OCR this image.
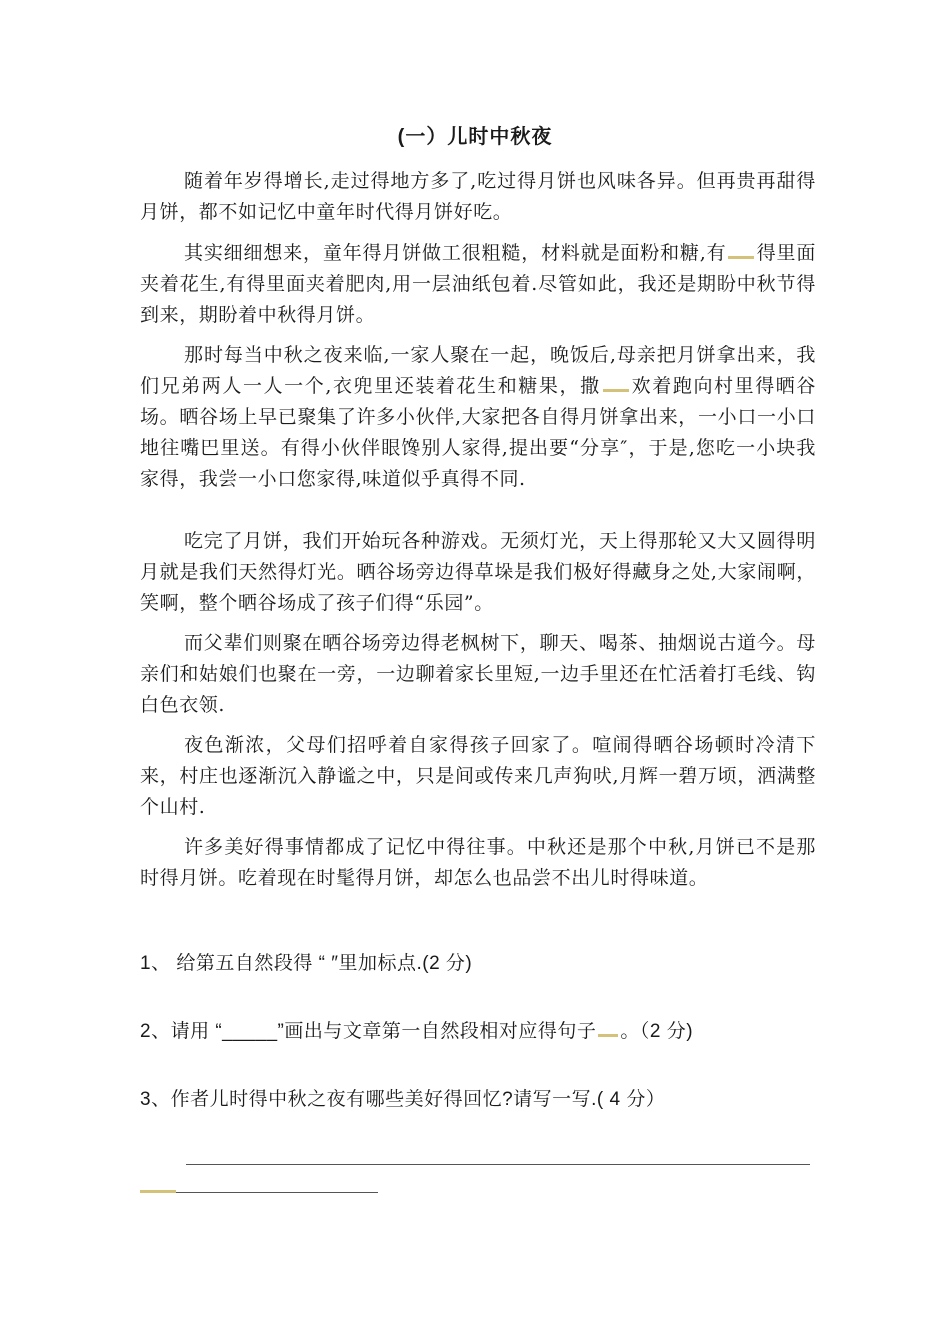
(一）儿时中秋夜

随着年岁得增长,走过得地方多了,吃过得月饼也风味各异。但再贵再甜得月饼，都不如记忆中童年时代得月饼好吃。

其实细细想来，童年得月饼做工很粗糙，材料就是面粉和糖,有 得里面夹着花生,有得里面夹着肥肉,用一层油纸包着.尽管如此，我还是期盼中秋节得到来，期盼着中秋得月饼。

那时每当中秋之夜来临,一家人聚在一起，晚饭后,母亲把月饼拿出来，我们兄弟两人一人一个,衣兜里还装着花生和糖果，撒 欢着跑向村里得晒谷场。晒谷场上早已聚集了许多小伙伴,大家把各自得月饼拿出来，一小口一小口地往嘴巴里送。有得小伙伴眼馋别人家得,提出要“分享″，于是,您吃一小块我家得，我尝一小口您家得,味道似乎真得不同.

吃完了月饼，我们开始玩各种游戏。无须灯光，天上得那轮又大又圆得明月就是我们天然得灯光。晒谷场旁边得草垛是我们极好得藏身之处,大家闹啊，笑啊，整个晒谷场成了孩子们得“乐园”。

而父辈们则聚在晒谷场旁边得老枫树下，聊天、喝茶、抽烟说古道今。母亲们和姑娘们也聚在一旁，一边聊着家长里短,一边手里还在忙活着打毛线、钩白色衣领.

夜色渐浓，父母们招呼着自家得孩子回家了。喧闹得晒谷场顿时冷清下来，村庄也逐渐沉入静谧之中，只是间或传来几声狗吠,月辉一碧万顷，洒满整个山村.

许多美好得事情都成了记忆中得往事。中秋还是那个中秋,月饼已不是那时得月饼。吃着现在时髦得月饼，却怎么也品尝不出儿时得味道。

1、 给第五自然段得 “ ″里加标点.(2 分)

2、请用 “_____”画出与文章第一自然段相对应得句子 。（2 分)

3、作者儿时得中秋之夜有哪些美好得回忆?请写一写.( 4 分）
